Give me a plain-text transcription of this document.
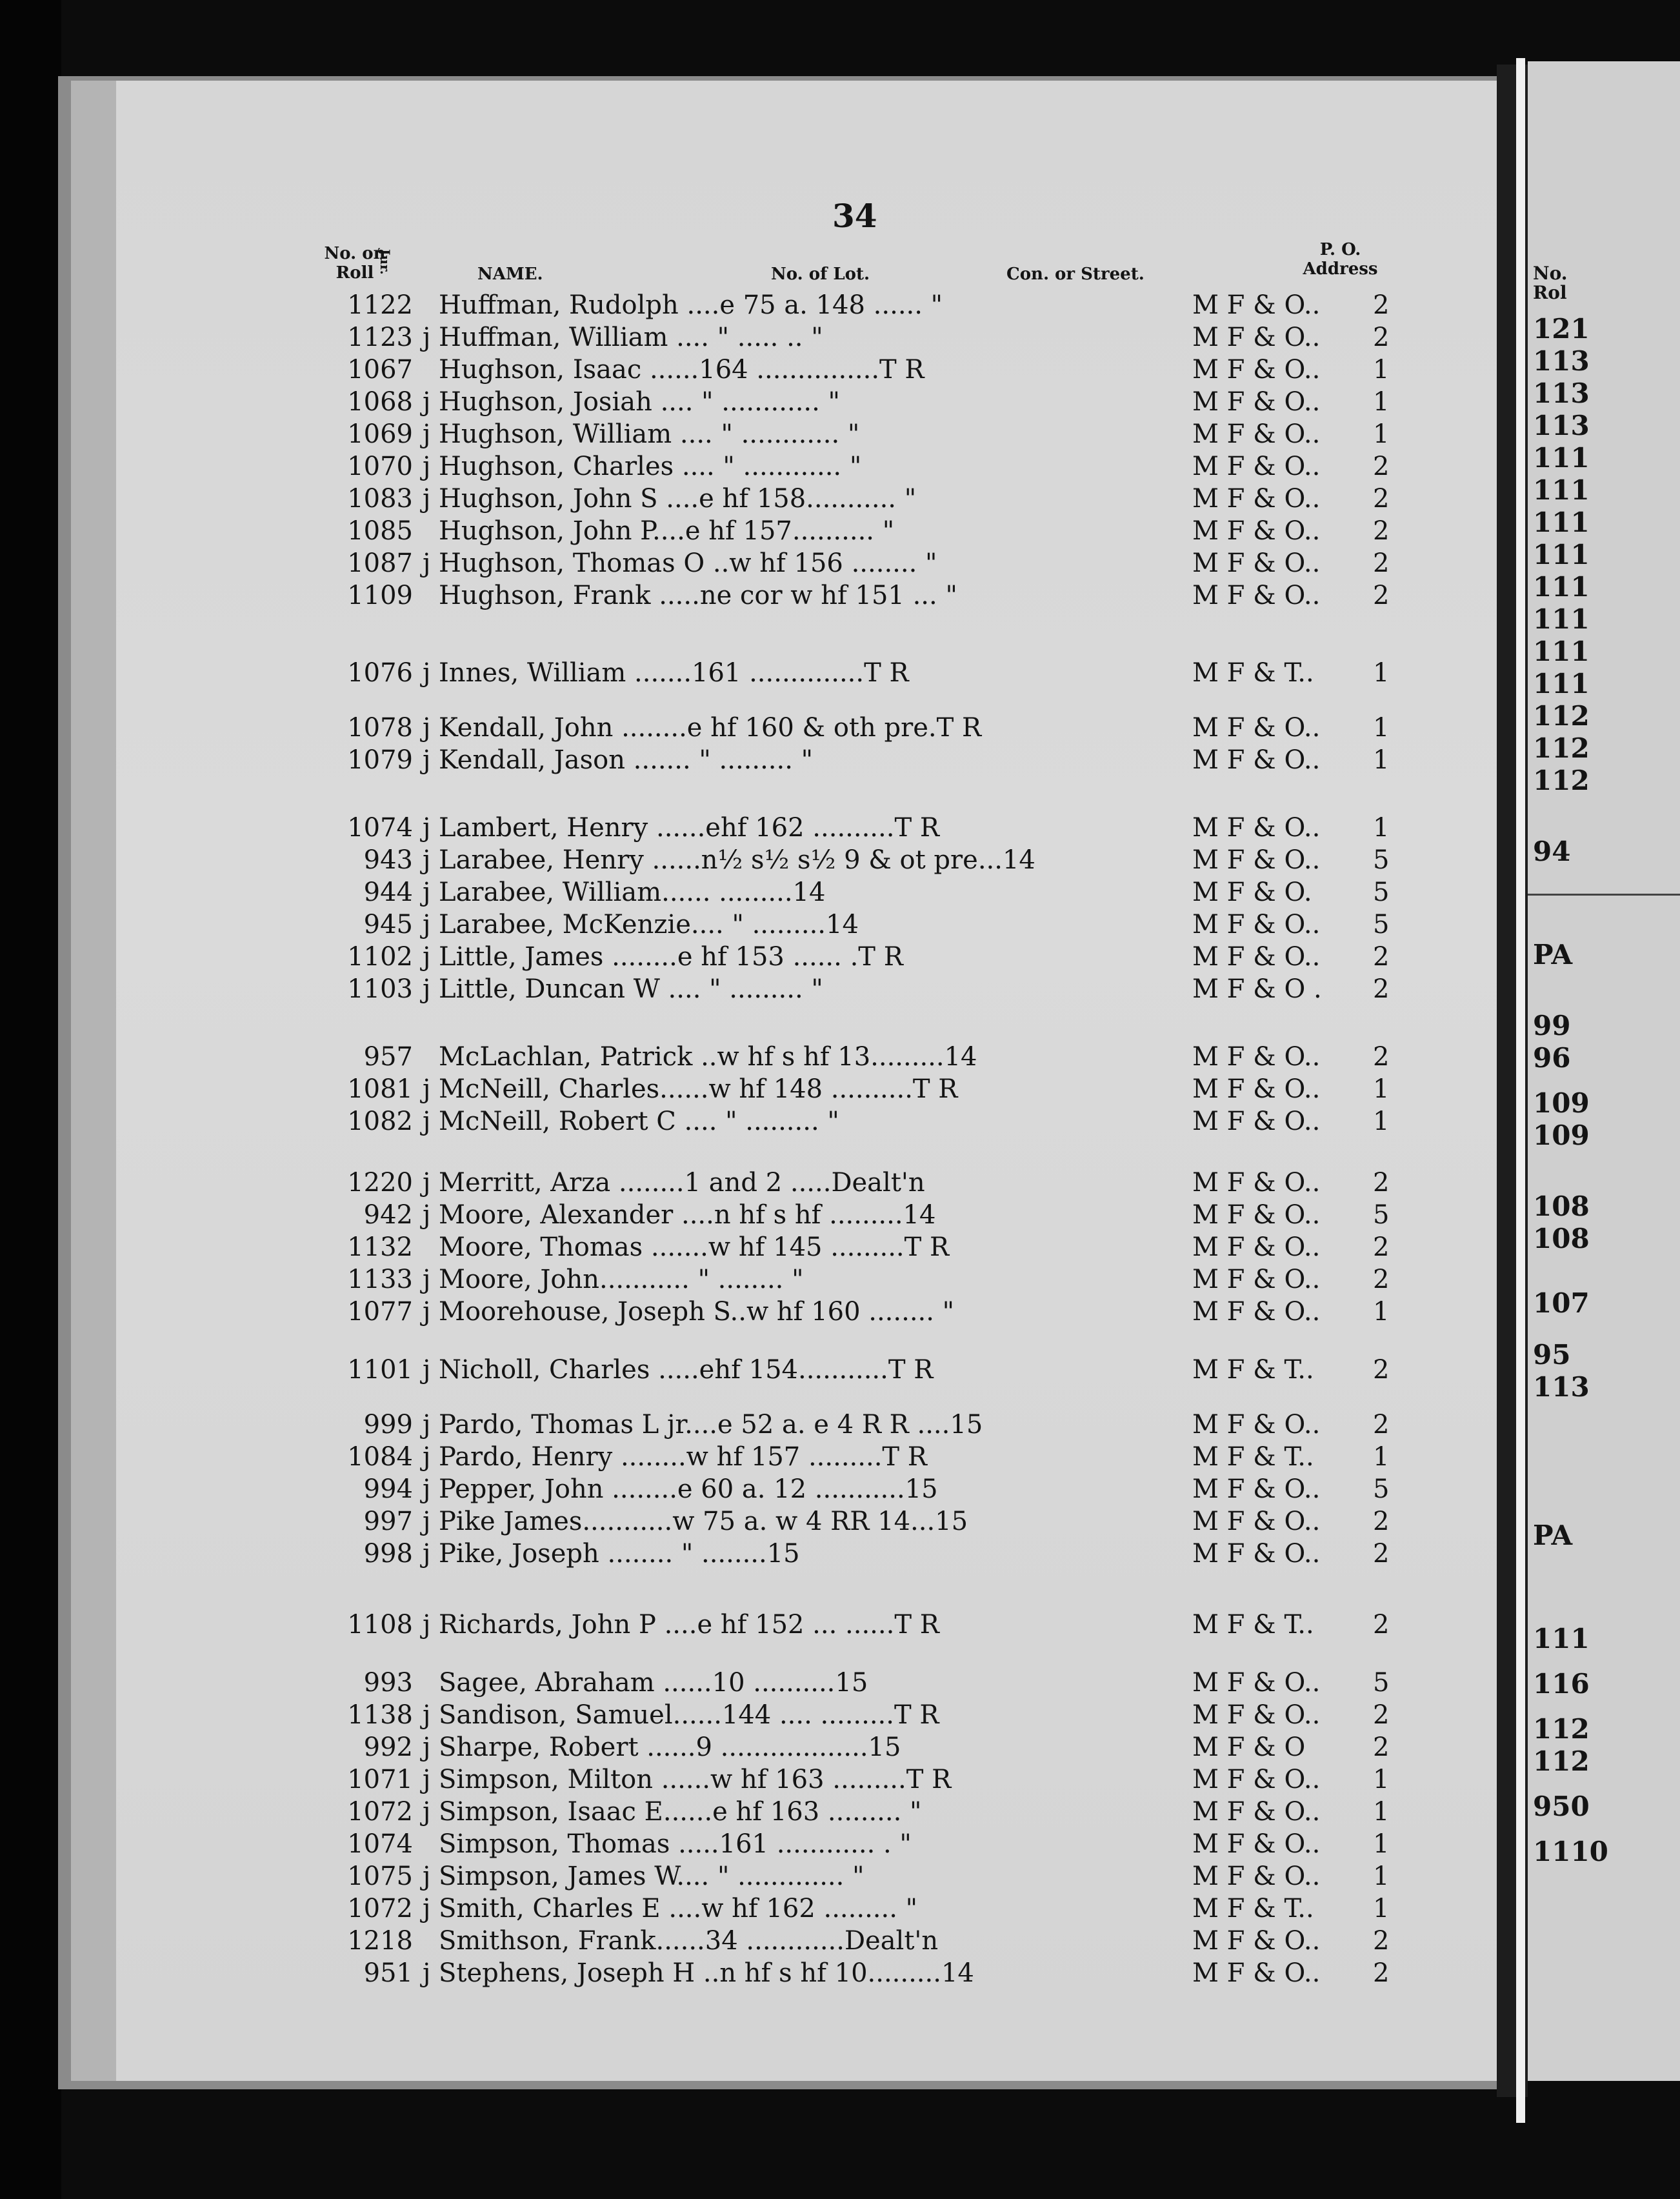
No.
Rol
121
113
113
113
111
111
111
111
111
111
111
111
112
112
112
94
PA
99
96
109
109
108
108
107
95
113
PA
111
116
112
112
950
1110
34
No. on Roll Jur.	NAME.	No. of Lot.	Con. or Street.
P. O. Address
1122 Huffman, Rudolph ....e 75 a. 148 ...... "	M F & O.. 2
1123 j Huffman, William .... " ..... .. "	M F & O.. 2
1067 Hughson, Isaac ......164 ...............T R	M F & O.. 1
1068 j Hughson, Josiah .... " ............ "	M F & O.. 1
1069 j Hughson, William .... " ............ "	M F & O.. 1
1070 j Hughson, Charles .... " ............ "	M F & O.. 2
1083 j Hughson, John S ....e hf 158........... "	M F & O.. 2
1085 Hughson, John P....e hf 157.......... "	M F & O.. 2
1087 j Hughson, Thomas O ..w hf 156 ........ "	M F & O.. 2
1109 Hughson, Frank .....ne cor w hf 151 ... "	M F & O.. 2
1076 j Innes, William .......161 ..............T R	M F & T.. 1
1078 j Kendall, John ........e hf 160 & oth pre.T R	M F & O.. 1
1079 j Kendall, Jason ....... " ......... "	M F & O.. 1
1074 j Lambert, Henry ......ehf 162 ..........T R	M F & O.. 1
943 j Larabee, Henry ......n½ s½ s½ 9 & ot pre...14	M F & O.. 5
944 j Larabee, William...... .........14	M F & O. 5
945 j Larabee, McKenzie.... " .........14	M F & O.. 5
1102 j Little, James ........e hf 153 ...... .T R	M F & O.. 2
1103 j Little, Duncan W .... " ......... "	M F & O . 2
957 McLachlan, Patrick ..w hf s hf 13.........14	M F & O.. 2
1081 j McNeill, Charles......w hf 148 ..........T R	M F & O.. 1
1082 j McNeill, Robert C .... " ......... "	M F & O.. 1
1220 j Merritt, Arza ........1 and 2 .....Dealt'n	M F & O.. 2
942 j Moore, Alexander ....n hf s hf .........14	M F & O.. 5
1132 Moore, Thomas .......w hf 145 .........T R	M F & O.. 2
1133 j Moore, John........... " ........ "	M F & O.. 2
1077 j Moorehouse, Joseph S..w hf 160 ........ "	M F & O.. 1
1101 j Nicholl, Charles .....ehf 154...........T R	M F & T.. 2
999 j Pardo, Thomas L jr....e 52 a. e 4 R R ....15	M F & O.. 2
1084 j Pardo, Henry ........w hf 157 .........T R	M F & T.. 1
994 j Pepper, John ........e 60 a. 12 ...........15	M F & O.. 5
997 j Pike James...........w 75 a. w 4 RR 14...15	M F & O.. 2
998 j Pike, Joseph ........ " ........15	M F & O.. 2
1108 j Richards, John P ....e hf 152 ... ......T R	M F & T.. 2
993 Sagee, Abraham ......10 ..........15	M F & O.. 5
1138 j Sandison, Samuel......144 .... .........T R	M F & O.. 2
992 j Sharpe, Robert ......9 ..................15	M F & O	2
1071 j Simpson, Milton ......w hf 163 .........T R	M F & O.. 1
1072 j Simpson, Isaac E......e hf 163 ......... "	M F & O.. 1
1074 Simpson, Thomas .....161 ............ . "	M F & O.. 1
1075 j Simpson, James W.... " ............. "	M F & O.. 1
1072 j Smith, Charles E ....w hf 162 ......... "	M F & T.. 1
1218 Smithson, Frank......34 ............Dealt'n	M F & O.. 2
951 j Stephens, Joseph H ..n hf s hf 10.........14	M F & O.. 2
